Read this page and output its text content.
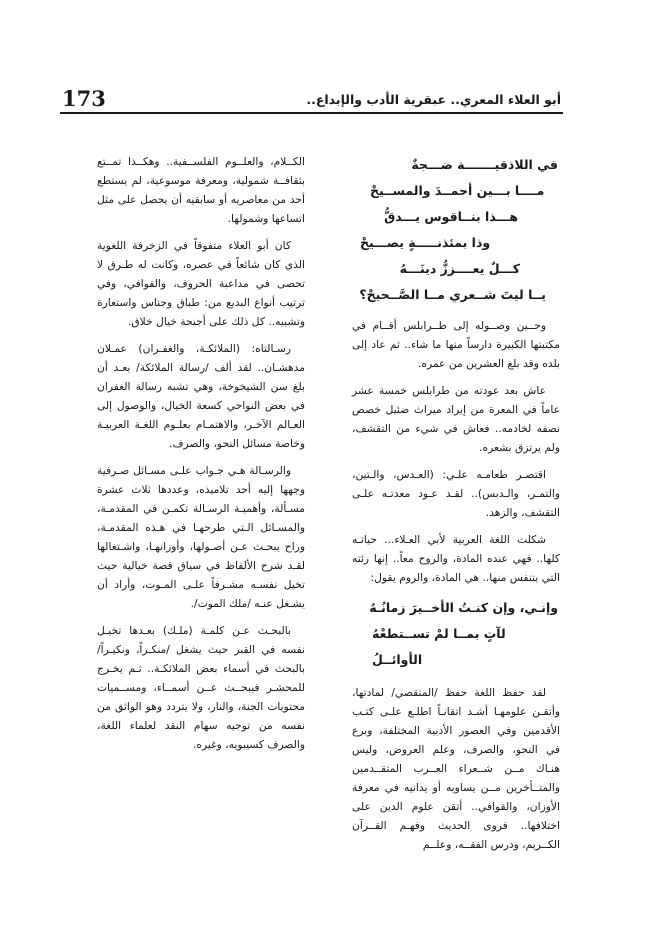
173	أبو العلاء المعري.. عبقرية الأدب والإبداع..
في اللاذقيـــــــة ضـــجةٌ
مــــا بـــين أحمــدَ والمســيحْ
هـــذا بنــاقوس يـــدقُّ
وذا بمئذنـــــةٍ يصـــيحْ
كـــلٌ يعــــززُّ دينَـــهُ
يــا ليتَ شــعري مــا الصَّــحيحْ؟

وحــين وصــوله إلى طــرابلس أقــام في مكتبتها الكبيرة دارساً منها ما شاء.. ثم عاد إلى بلده وقد بلغ العشرين من عمره.

عاش بعد عودته من طرابلس خمسة عشر عاماً في المعرة من إيراد ميراث ضئيل خصص نصفه لخادمه.. فعاش في شيء من التقشف، ولم يرتزق بشعره.

اقتصـر طعامـه علـي: (العـدس، والـتين، والتمـر، والـدبس).. لقـد عـود معدتـه علـى التقشف، والزهد.

شكلت اللغة العربية لأبي العـلاء... حياتـه كلها.. فهي عنده المادة، والروح معاً.. إنها رئته التي يتنفس منها.. هي المادة، والروم يقول:

وإنـي، وإن كنـتُ الأخــيرَ زمانُـهُ
لآتٍ بمــا لمْ تســتطعْهُ الأوائــلُ

لقد حفظ اللغة حفظ /المتقصي/ لمادتها، وأتقـن علومهـا أشـد اتقانـاً اطلـع علـى كتـب الأقدمين وفي العصور الأدبية المختلفة، وبرع في النحو، والصرف، وعلم العروض، وليس هنـاك مــن شــعراء العــرب المتقــدمين والمتــأخرين مــن يساويه أو يدانيه في معرفة الأوزان، والقوافي.. أتقن علوم الدين على اختلافها.. فروى الحديث وفهـم القــرآن الكــريم، ودرس الفقــه، وعلــم

الكــلام، والعلــوم الفلســفية.. وهكــذا تمــتع بثقافــة شمولية، ومعرفة موسوعية، لم يستطع أحد من معاصريه أو سابقيه أن يحصل على مثل اتساعها وشمولها.

كان أبو العلاء متفوقاً في الزخرفة اللغوية الذي كان شائعاً في عصره، وكانت له طـرق لا تحصى في مداعبة الحروف، والقوافي، وفي ترتيب أنواع البديع من: طباق وجناس واستعارة وتشبيه.. كل ذلك على أجنحة خيال خلاق.

رسـالتاه: (الملائكـة، والغفـران) عمـلان مدهشـان.. لقد ألف /رسالة الملائكة/ بعـد أن بلغ سن الشيخوخة، وهي تشبه رسالة الغفران في بعض النواحي كسعة الخيال، والوصول إلى العـالم الآخـر، والاهتمـام بعلـوم اللغـة العربيـة وخاصة مسائل النحو، والصرف.

والرسـالة هـي جـواب علـى مسـائل صـرفية وجهها إليه أحد تلاميذه، وعددها ثلاث عشرة مسـألة، وأهميـة الرسـالة تكمـن في المقدمـة، والمسـائل الـتي طرحهـا في هـذه المقدمـة، وراح يبحـث عـن أصـولها، وأوزانهـا، واشـتغالها لقـد شرح الألفاظ في سياق قصة خيالية حيث تخيل نفسـه مشـرفاً علـى المـوت، وأراد أن يشـغل عنـه /ملك الموت/.

بالبحـث عـن كلمـة (ملـك) بعـدها تخيـل نفسه في القبر حيث يشغل /منكـراً، ونكيـراً/ بالبحث في أسماء بعض الملائكـة.. ثـم يخـرج للمحشـر فيبحــث عــن أسمــاء، ومســميات محتويات الجنة، والنار، ولا يتردد وهو الواثق من نفسه من توجيه سهام النقد لعلماء اللغة، والصرف كسيبويه، وغيره.
